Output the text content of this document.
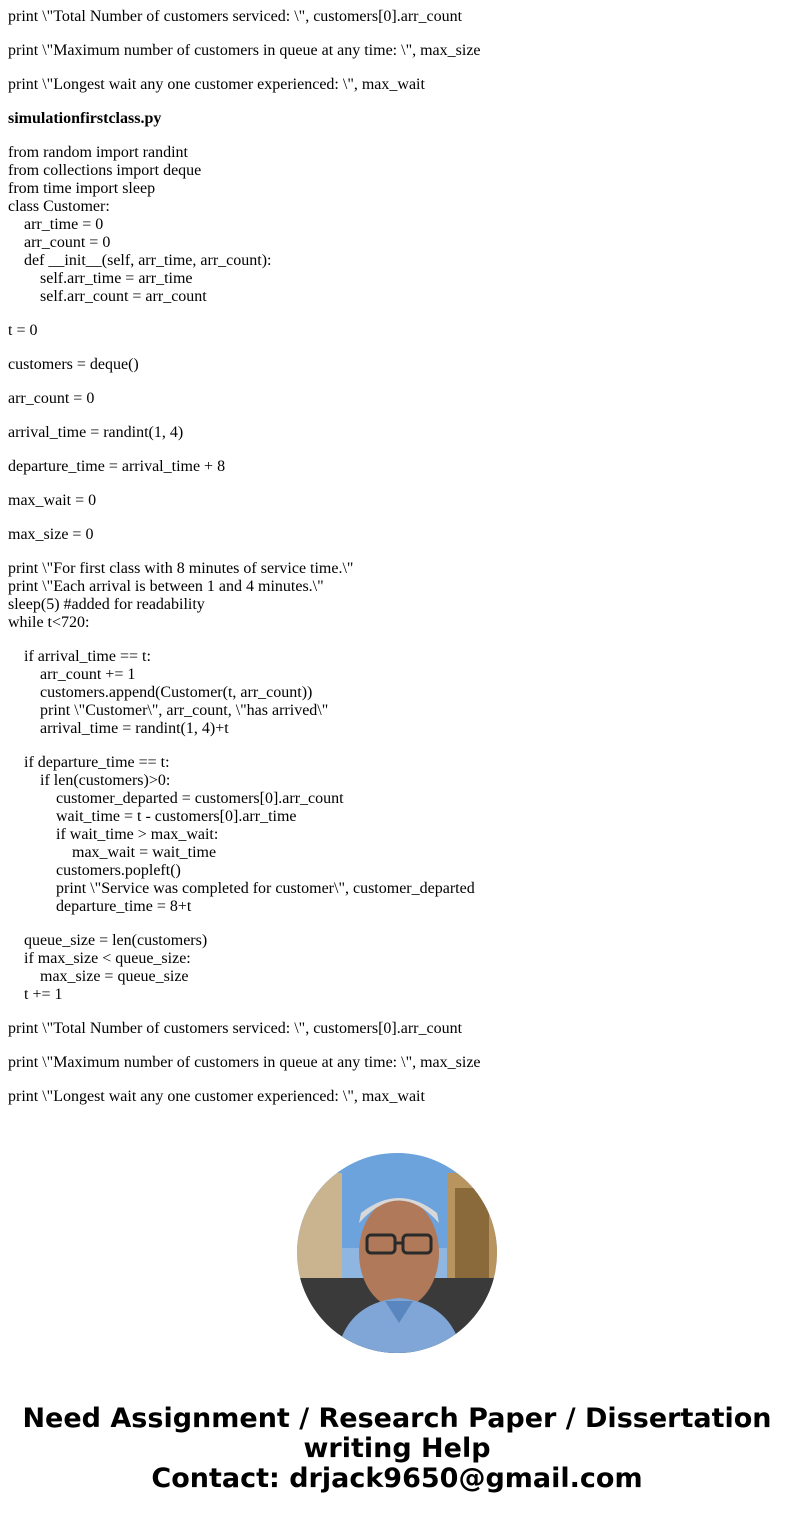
print \"Total Number of customers serviced: \", customers[0].arr_count

print \"Maximum number of customers in queue at any time: \", max_size

print \"Longest wait any one customer experienced: \", max_wait

simulationfirstclass.py

from random import randint
from collections import deque
from time import sleep
class Customer:
arr_time = 0
arr_count = 0
def __init__(self, arr_time, arr_count):
self.arr_time = arr_time
self.arr_count = arr_count
t = 0
customers = deque()
arr_count = 0
arrival_time = randint(1, 4)
departure_time = arrival_time + 8
max_wait = 0
max_size = 0
print \"For first class with 8 minutes of service time.\"
print \"Each arrival is between 1 and 4 minutes.\"
sleep(5) #added for readability
while t<720:
if arrival_time == t:
arr_count += 1
customers.append(Customer(t, arr_count))
print \"Customer\", arr_count, \"has arrived\"
arrival_time = randint(1, 4)+t
if departure_time == t:
if len(customers)>0:
customer_departed = customers[0].arr_count
wait_time = t - customers[0].arr_time
if wait_time > max_wait:
max_wait = wait_time
customers.popleft()
print \"Service was completed for customer\", customer_departed
departure_time = 8+t
queue_size = len(customers)
if max_size < queue_size:
max_size = queue_size
t += 1
print \"Total Number of customers serviced: \", customers[0].arr_count
print \"Maximum number of customers in queue at any time: \", max_size
print \"Longest wait any one customer experienced: \", max_wait
Need Assignment / Research Paper / Dissertation
writing Help
Contact: drjack9650@gmail.com
